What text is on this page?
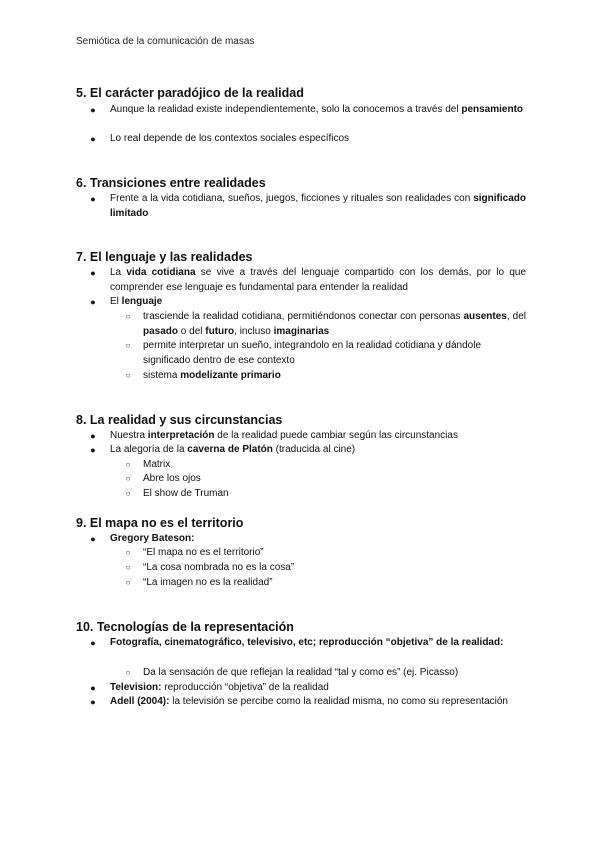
Semiótica de la comunicación de masas
5. El carácter paradójico de la realidad
● Aunque la realidad existe independientemente, solo la conocemos a través del pensamiento
● Lo real depende de los contextos sociales específicos
6. Transiciones entre realidades
● Frente a la vida cotidiana, sueños, juegos, ficciones y rituales son realidades con significado limitado
7. El lenguaje y las realidades
● La vida cotidiana se vive a través del lenguaje compartido con los demás, por lo que comprender ese lenguaje es fundamental para entender la realidad
● El lenguaje
○ trasciende la realidad cotidiana, permitiéndonos conectar con personas ausentes, del pasado o del futuro, incluso imaginarias
○ permite interpretar un sueño, integrandolo en la realidad cotidiana y dándole significado dentro de ese contexto
○ sistema modelizante primario
8. La realidad y sus circunstancias
● Nuestra interpretación de la realidad puede cambiar según las circunstancias
● La alegoría de la caverna de Platón (traducida al cine)
○ Matrix
○ Abre los ojos
○ El show de Truman
9. El mapa no es el territorio
● Gregory Bateson:
○ “El mapa no es el territorio”
○ “La cosa nombrada no es la cosa”
○ “La imagen no es la realidad”
10. Tecnologías de la representación
● Fotografía, cinematográfico, televisivo, etc; reproducción “objetiva” de la realidad:
○ Da la sensación de que reflejan la realidad “tal y como es” (ej. Picasso)
● Television: reproducción “objetiva” de la realidad
● Adell (2004): la televisión se percibe como la realidad misma, no como su representación
